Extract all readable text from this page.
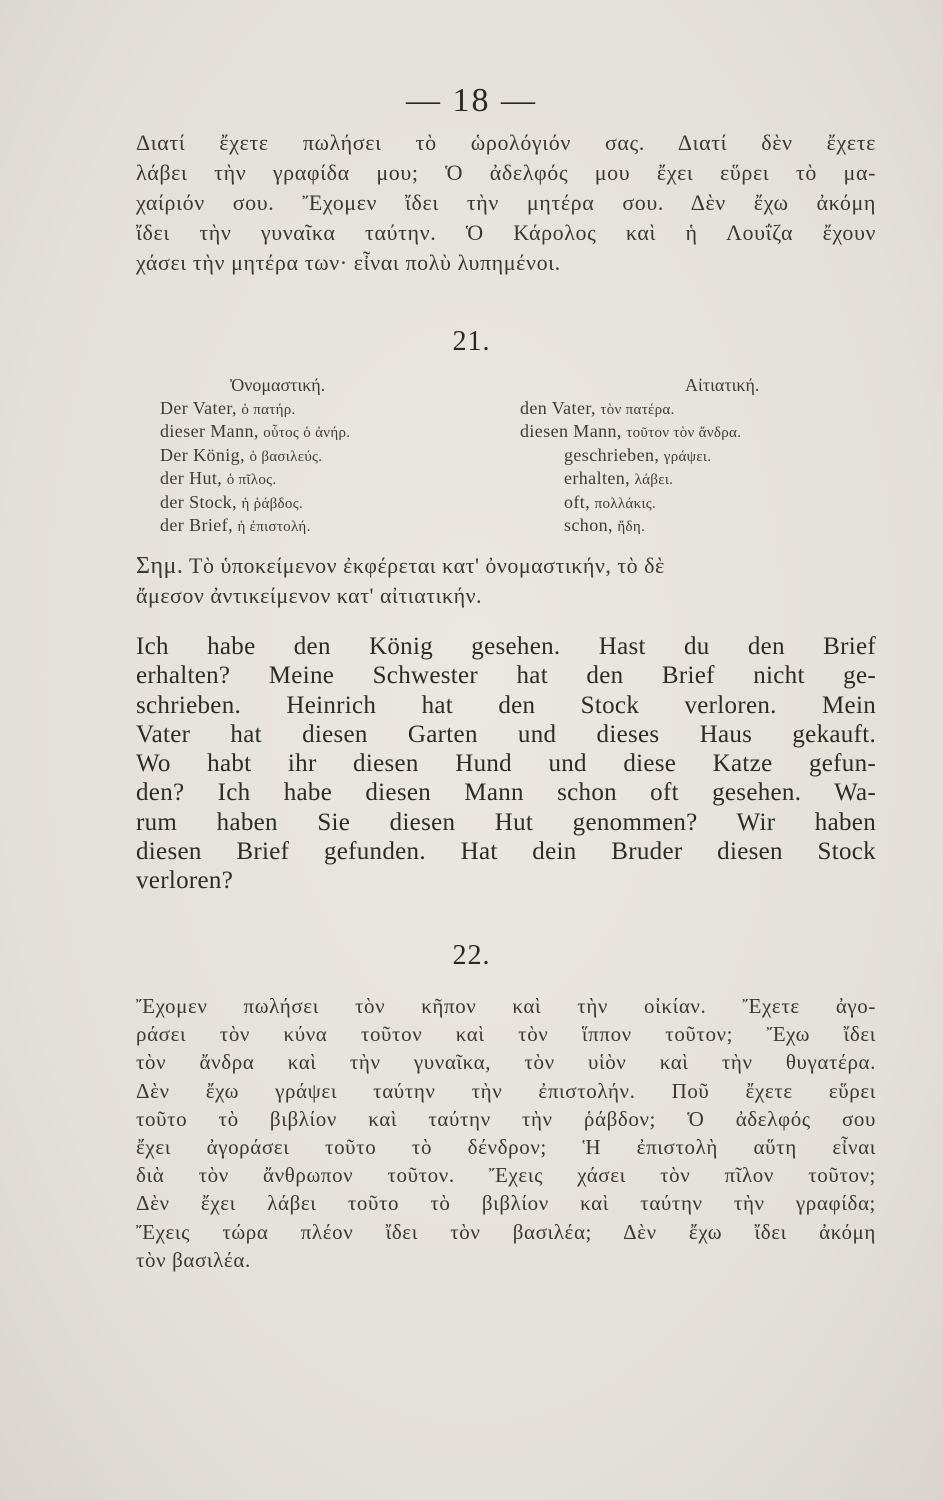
— 18 —
Διατί ἔχετε πωλήσει τὸ ὡρολόγιόν σας. Διατί δὲν ἔχετε
λάβει τὴν γραφίδα μου; Ὁ ἀδελφός μου ἔχει εὕρει τὸ μα-
χαίριόν σου. Ἔχομεν ἴδει τὴν μητέρα σου. Δὲν ἔχω ἀκόμη
ἴδει τὴν γυναῖκα ταύτην. Ὁ Κάρολος καὶ ἡ Λουΐζα ἔχουν
χάσει τὴν μητέρα των· εἶναι πολὺ λυπημένοι.
21.
Ὀνομαστική.
Der Vater, ὁ πατήρ.
dieser Mann, οὗτος ὁ ἀνήρ.
Der König, ὁ βασιλεύς.
der Hut, ὁ πῖλος.
der Stock, ἡ ῥάβδος.
der Brief, ἡ ἐπιστολή.
Αἰτιατική.
den Vater, τὸν πατέρα.
diesen Mann, τοῦτον τὸν ἄνδρα.
geschrieben, γράψει.
erhalten, λάβει.
oft, πολλάκις.
schon, ἤδη.
Σημ. Τὸ ὑποκείμενον ἐκφέρεται κατ' ὀνομαστικήν, τὸ δὲ
ἄμεσον ἀντικείμενον κατ' αἰτιατικήν.
Ich habe den König gesehen. Hast du den Brief
erhalten? Meine Schwester hat den Brief nicht ge-
schrieben. Heinrich hat den Stock verloren. Mein
Vater hat diesen Garten und dieses Haus gekauft.
Wo habt ihr diesen Hund und diese Katze gefun-
den? Ich habe diesen Mann schon oft gesehen. Wa-
rum haben Sie diesen Hut genommen? Wir haben
diesen Brief gefunden. Hat dein Bruder diesen Stock
verloren?
22.
Ἔχομεν πωλήσει τὸν κῆπον καὶ τὴν οἰκίαν. Ἔχετε ἀγο-
ράσει τὸν κύνα τοῦτον καὶ τὸν ἵππον τοῦτον; Ἔχω ἴδει
τὸν ἄνδρα καὶ τὴν γυναῖκα, τὸν υἱὸν καὶ τὴν θυγατέρα.
Δὲν ἔχω γράψει ταύτην τὴν ἐπιστολήν. Ποῦ ἔχετε εὕρει
τοῦτο τὸ βιβλίον καὶ ταύτην τὴν ῥάβδον; Ὁ ἀδελφός σου
ἔχει ἀγοράσει τοῦτο τὸ δένδρον; Ἡ ἐπιστολὴ αὕτη εἶναι
διὰ τὸν ἄνθρωπον τοῦτον. Ἔχεις χάσει τὸν πῖλον τοῦτον;
Δὲν ἔχει λάβει τοῦτο τὸ βιβλίον καὶ ταύτην τὴν γραφίδα;
Ἔχεις τώρα πλέον ἴδει τὸν βασιλέα; Δὲν ἔχω ἴδει ἀκόμη
τὸν βασιλέα.
